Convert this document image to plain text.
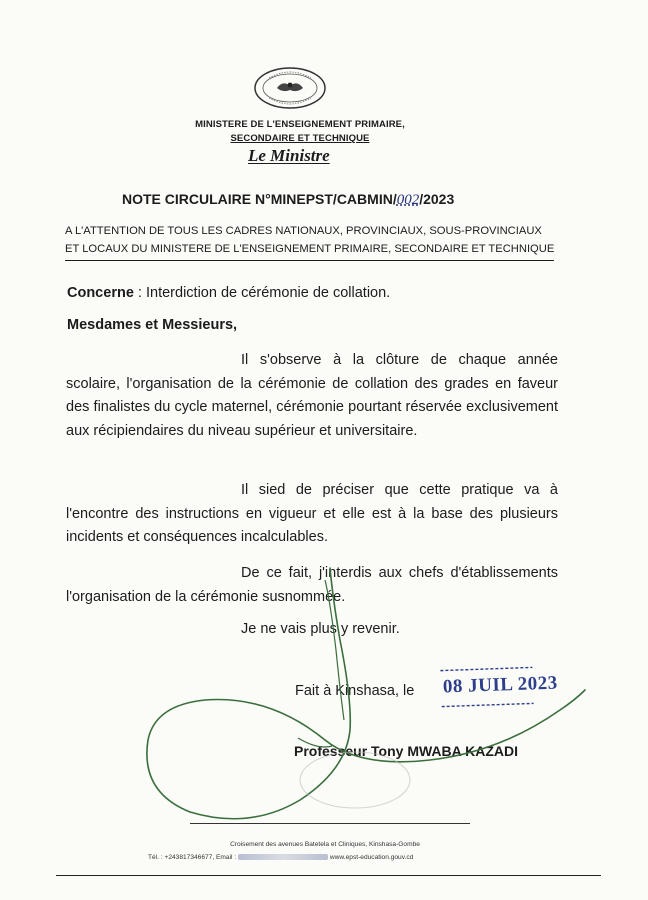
MINISTERE DE L'ENSEIGNEMENT PRIMAIRE,
SECONDAIRE ET TECHNIQUE
Le Ministre
NOTE CIRCULAIRE N°MINEPST/CABMIN/002/2023
A L'ATTENTION DE TOUS LES CADRES NATIONAUX, PROVINCIAUX, SOUS-PROVINCIAUX
ET LOCAUX DU MINISTERE DE L'ENSEIGNEMENT PRIMAIRE, SECONDAIRE ET TECHNIQUE
Concerne : Interdiction de cérémonie de collation.
Mesdames et Messieurs,
Il s'observe à la clôture de chaque année scolaire, l'organisation de la cérémonie de collation des grades en faveur des finalistes du cycle maternel, cérémonie pourtant réservée exclusivement aux récipiendaires du niveau supérieur et universitaire.
Il sied de préciser que cette pratique va à l'encontre des instructions en vigueur et elle est à la base des plusieurs incidents et conséquences incalculables.
De ce fait, j'interdis aux chefs d'établissements l'organisation de la cérémonie susnommée.
Je ne vais plus y revenir.
Fait à Kinshasa, le 08 JUIL 2023
Professeur Tony MWABA KAZADI
Croisement des avenues Batetela et Cliniques, Kinshasa-Gombe
Tél. : +243817346677, Email :	www.epst-education.gouv.cd
